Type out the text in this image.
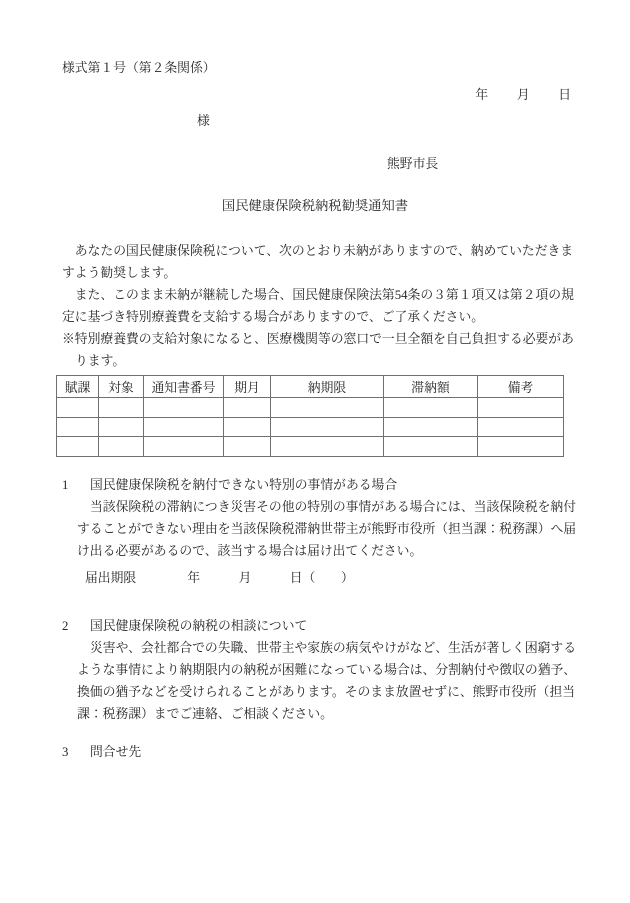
様式第１号（第２条関係）
年　　月　　日
様
熊野市長
国民健康保険税納税勧奨通知書
あなたの国民健康保険税について、次のとおり未納がありますので、納めていただきますよう勧奨します。
また、このまま未納が継続した場合、国民健康保険法第54条の３第１項又は第２項の規定に基づき特別療養費を支給する場合がありますので、ご了承ください。
※特別療養費の支給対象になると、医療機関等の窓口で一旦全額を自己負担する必要があります。
賦課	対象	通知書番号	期月	納期限	滞納額	備考

1 国民健康保険税を納付できない特別の事情がある場合
当該保険税の滞納につき災害その他の特別の事情がある場合には、当該保険税を納付することができない理由を当該保険税滞納世帯主が熊野市役所（担当課：税務課）へ届け出る必要があるので、該当する場合は届け出てください。
届出期限　　　　年　　　月　　　日（　　）
2 国民健康保険税の納税の相談について
災害や、会社都合での失職、世帯主や家族の病気やけがなど、生活が著しく困窮するような事情により納期限内の納税が困難になっている場合は、分割納付や徴収の猶予、換価の猶予などを受けられることがあります。そのまま放置せずに、熊野市役所（担当課：税務課）までご連絡、ご相談ください。
3 問合せ先
